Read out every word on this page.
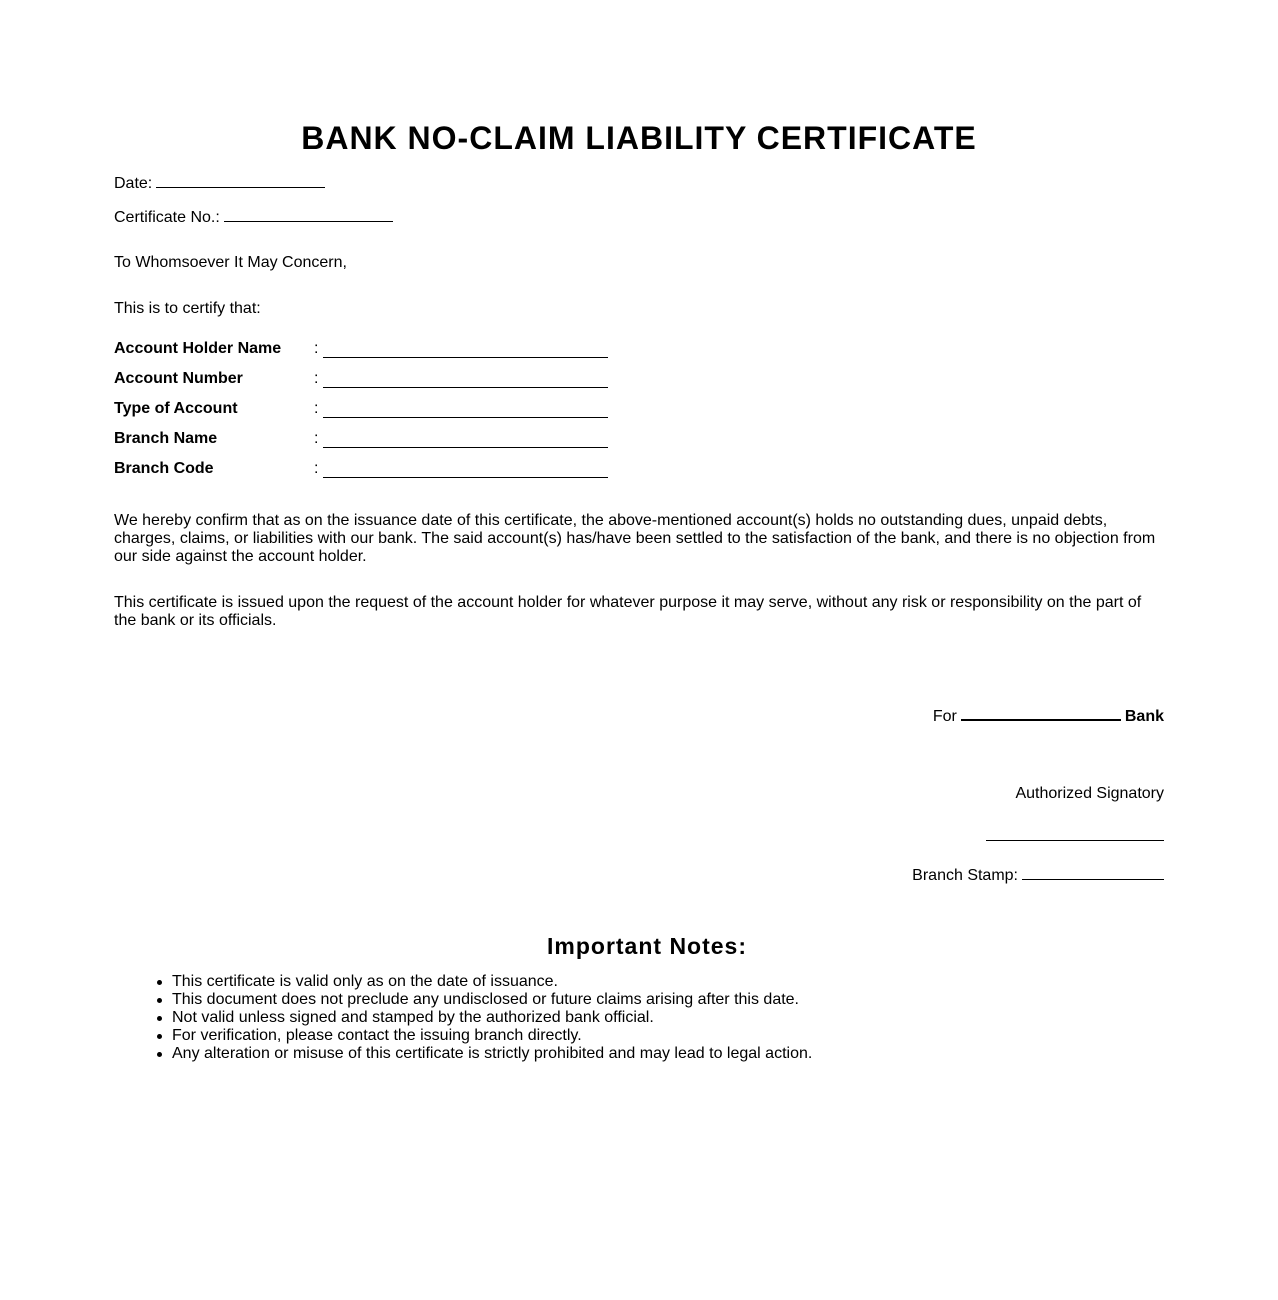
BANK NO-CLAIM LIABILITY CERTIFICATE
Date:
Certificate No.:

To Whomsoever It May Concern,

This is to certify that:

Account Holder Name :
Account Number	:
Type of Account	:
Branch Name	:
Branch Code	:

We hereby confirm that as on the issuance date of this certificate, the above-mentioned account(s) holds no outstanding dues, unpaid debts, charges, claims, or liabilities with our bank. The said account(s) has/have been settled to the satisfaction of the bank, and there is no objection from our side against the account holder.

This certificate is issued upon the request of the account holder for whatever purpose it may serve, without any risk or responsibility on the part of the bank or its officials.

For	Bank
Authorized Signatory
Branch Stamp:
Important Notes:
This certificate is valid only as on the date of issuance.
This document does not preclude any undisclosed or future claims arising after this date.
Not valid unless signed and stamped by the authorized bank official.
For verification, please contact the issuing branch directly.
Any alteration or misuse of this certificate is strictly prohibited and may lead to legal action.
